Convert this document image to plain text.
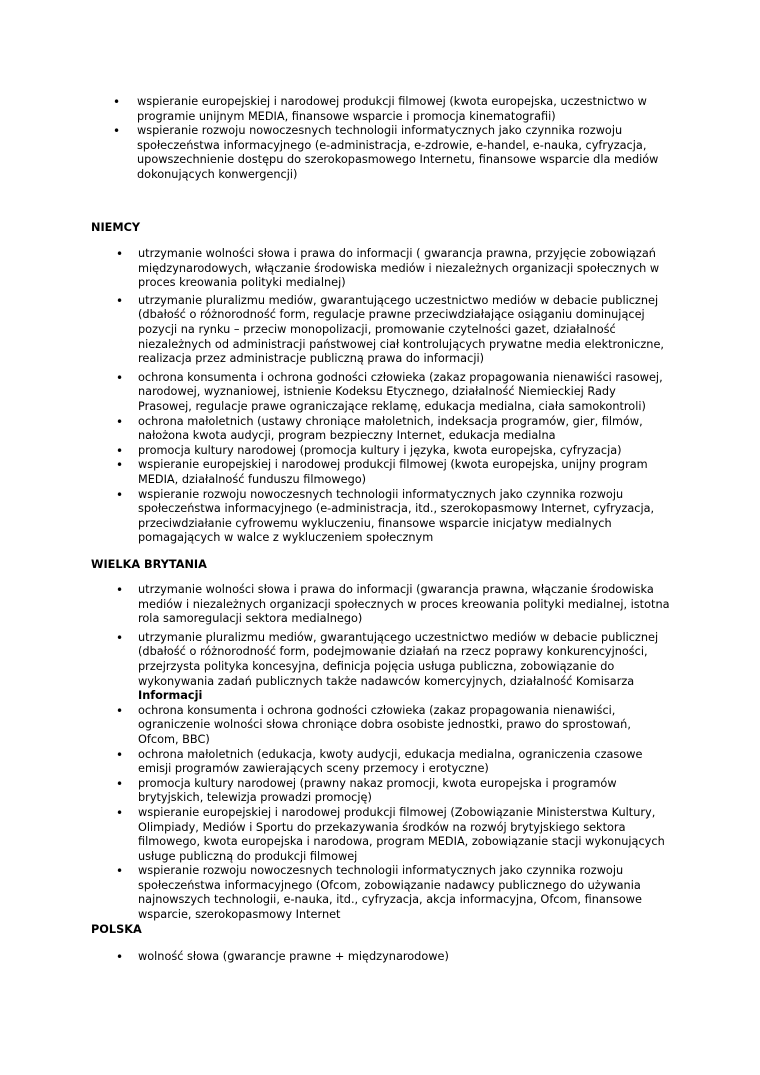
• wspieranie europejskiej i narodowej produkcji filmowej (kwota europejska, uczestnictwo w programie unijnym MEDIA, finansowe wsparcie i promocja kinematografii)
• wspieranie rozwoju nowoczesnych technologii informatycznych jako czynnika rozwoju społeczeństwa informacyjnego (e-administracja, e-zdrowie, e-handel, e-nauka, cyfryzacja, upowszechnienie dostępu do szerokopasmowego Internetu, finansowe wsparcie dla mediów dokonujących konwergencji)
NIEMCY
• utrzymanie wolności słowa i prawa do informacji ( gwarancja prawna, przyjęcie zobowiązań międzynarodowych, włączanie środowiska mediów i niezależnych organizacji społecznych w proces kreowania polityki medialnej)
• utrzymanie pluralizmu mediów, gwarantującego uczestnictwo mediów w debacie publicznej (dbałość o różnorodność form, regulacje prawne przeciwdziałające osiąganiu dominującej pozycji na rynku – przeciw monopolizacji, promowanie czytelności gazet, działalność niezależnych od administracji państwowej ciał kontrolujących prywatne media elektroniczne, realizacja przez administracje publiczną prawa do informacji)
• ochrona konsumenta i ochrona godności człowieka (zakaz propagowania nienawiści rasowej, narodowej, wyznaniowej, istnienie Kodeksu Etycznego, działalność Niemieckiej Rady Prasowej, regulacje prawe ograniczające reklamę, edukacja medialna, ciała samokontroli)
• ochrona małoletnich (ustawy chroniące małoletnich, indeksacja programów, gier, filmów, nałożona kwota audycji, program bezpieczny Internet, edukacja medialna
• promocja kultury narodowej (promocja kultury i języka, kwota europejska, cyfryzacja)
• wspieranie europejskiej i narodowej produkcji filmowej (kwota europejska, unijny program MEDIA, działalność funduszu filmowego)
• wspieranie rozwoju nowoczesnych technologii informatycznych jako czynnika rozwoju społeczeństwa informacyjnego (e-administracja, itd., szerokopasmowy Internet, cyfryzacja, przeciwdziałanie cyfrowemu wykluczeniu, finansowe wsparcie inicjatyw medialnych pomagających w walce z wykluczeniem społecznym
WIELKA BRYTANIA
• utrzymanie wolności słowa i prawa do informacji (gwarancja prawna, włączanie środowiska mediów i niezależnych organizacji społecznych w proces kreowania polityki medialnej, istotna rola samoregulacji sektora medialnego)
• utrzymanie pluralizmu mediów, gwarantującego uczestnictwo mediów w debacie publicznej (dbałość o różnorodność form, podejmowanie działań na rzecz poprawy konkurencyjności, przejrzysta polityka koncesyjna, definicja pojęcia usługa publiczna, zobowiązanie do wykonywania zadań publicznych także nadawców komercyjnych, działalność Komisarza Informacji
• ochrona konsumenta i ochrona godności człowieka (zakaz propagowania nienawiści, ograniczenie wolności słowa chroniące dobra osobiste jednostki, prawo do sprostowań, Ofcom, BBC)
• ochrona małoletnich (edukacja, kwoty audycji, edukacja medialna, ograniczenia czasowe emisji programów zawierających sceny przemocy i erotyczne)
• promocja kultury narodowej (prawny nakaz promocji, kwota europejska i programów brytyjskich, telewizja prowadzi promocję)
• wspieranie europejskiej i narodowej produkcji filmowej (Zobowiązanie Ministerstwa Kultury, Olimpiady, Mediów i Sportu do przekazywania środków na rozwój brytyjskiego sektora filmowego, kwota europejska i narodowa, program MEDIA, zobowiązanie stacji wykonujących usługe publiczną do produkcji filmowej
• wspieranie rozwoju nowoczesnych technologii informatycznych jako czynnika rozwoju społeczeństwa informacyjnego (Ofcom, zobowiązanie nadawcy publicznego do używania najnowszych technologii, e-nauka, itd., cyfryzacja, akcja informacyjna, Ofcom, finansowe wsparcie, szerokopasmowy Internet
POLSKA
• wolność słowa (gwarancje prawne + międzynarodowe)
